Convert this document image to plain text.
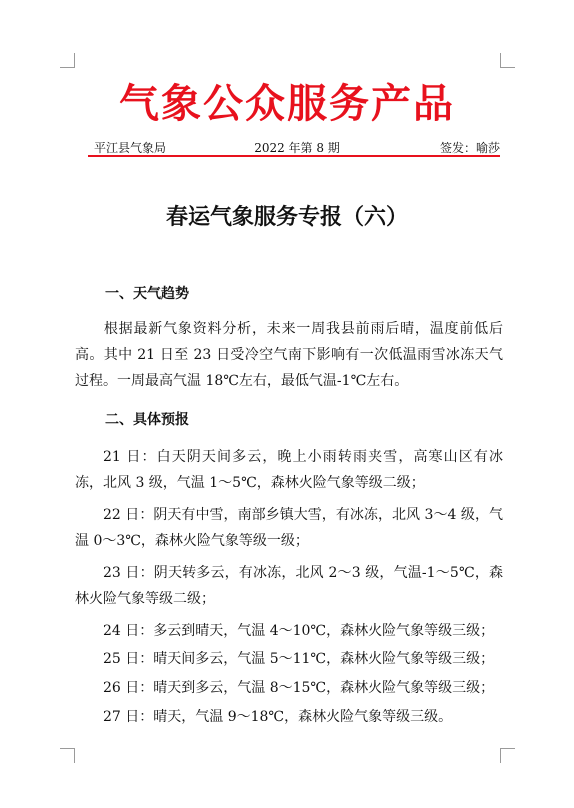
气象公众服务产品
平江县气象局	2022 年第 8 期	签发：喻莎
春运气象服务专报（六）
一、天气趋势

根据最新气象资料分析，未来一周我县前雨后晴，温度前低后高。其中 21 日至 23 日受冷空气南下影响有一次低温雨雪冰冻天气过程。一周最高气温 18℃左右，最低气温-1℃左右。

二、具体预报

21 日：白天阴天间多云，晚上小雨转雨夹雪，高寒山区有冰冻，北风 3 级，气温 1～5℃，森林火险气象等级二级；

22 日：阴天有中雪，南部乡镇大雪，有冰冻，北风 3～4 级，气温 0～3℃，森林火险气象等级一级；

23 日：阴天转多云，有冰冻，北风 2～3 级，气温-1～5℃，森林火险气象等级二级；

24 日：多云到晴天，气温 4～10℃，森林火险气象等级三级；

25 日：晴天间多云，气温 5～11℃，森林火险气象等级三级；

26 日：晴天到多云，气温 8～15℃，森林火险气象等级三级；

27 日：晴天，气温 9～18℃，森林火险气象等级三级。
